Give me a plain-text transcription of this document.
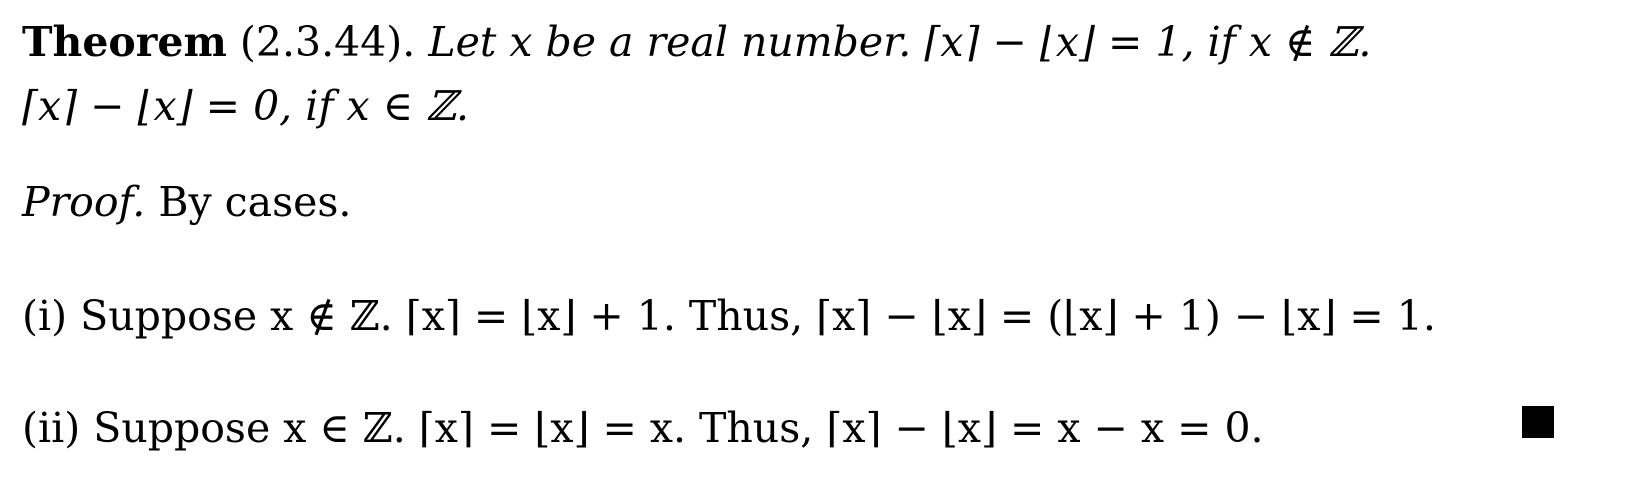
Theorem (2.3.44). Let x be a real number. ⌈x⌉ − ⌊x⌋ = 1, if x ∉ ℤ.
⌈x⌉ − ⌊x⌋ = 0, if x ∈ ℤ.
Proof. By cases.
(i) Suppose x ∉ ℤ. ⌈x⌉ = ⌊x⌋ + 1. Thus, ⌈x⌉ − ⌊x⌋ = (⌊x⌋ + 1) − ⌊x⌋ = 1.
(ii) Suppose x ∈ ℤ. ⌈x⌉ = ⌊x⌋ = x. Thus, ⌈x⌉ − ⌊x⌋ = x − x = 0.
